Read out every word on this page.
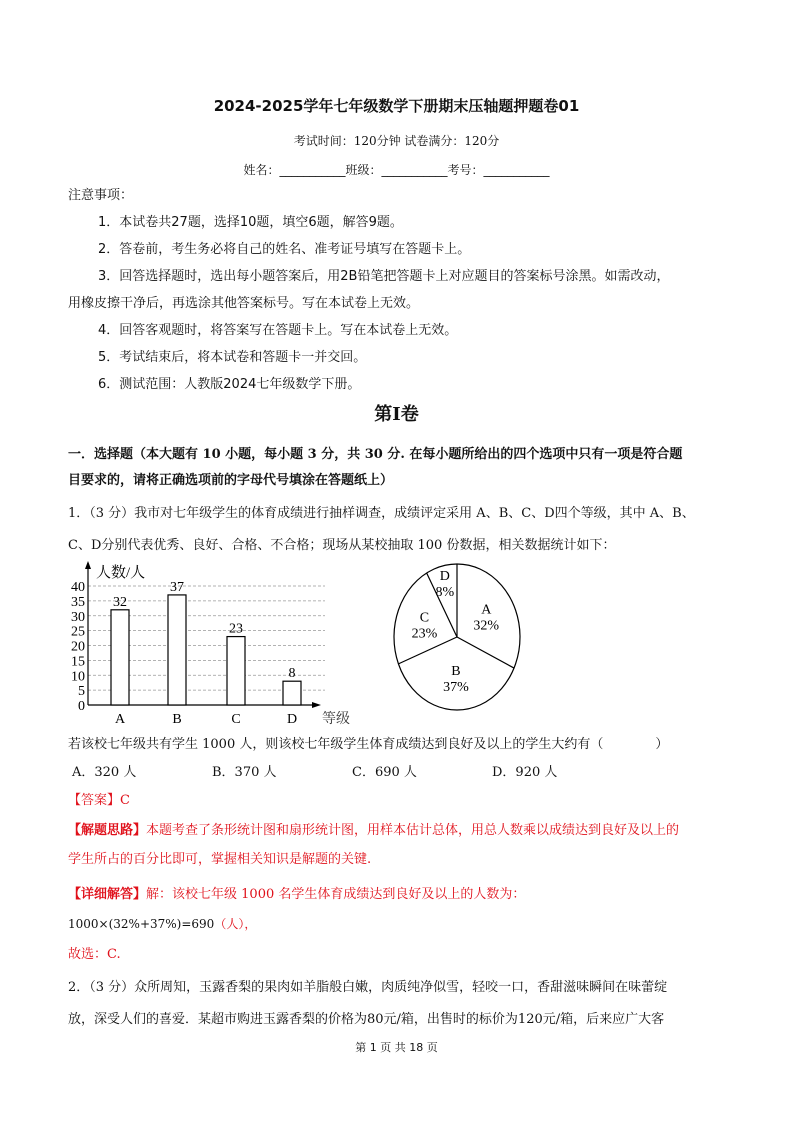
2024-2025学年七年级数学下册期末压轴题押题卷01
考试时间：120分钟 试卷满分：120分
姓名：___________班级：___________考号：___________
注意事项：
1．本试卷共27题，选择10题，填空6题，解答9题。
2．答卷前，考生务必将自己的姓名、准考证号填写在答题卡上。
3．回答选择题时，选出每小题答案后，用2B铅笔把答题卡上对应题目的答案标号涂黑。如需改动，
用橡皮擦干净后，再选涂其他答案标号。写在本试卷上无效。
4．回答客观题时，将答案写在答题卡上。写在本试卷上无效。
5．考试结束后，将本试卷和答题卡一并交回。
6．测试范围：人教版2024七年级数学下册。
第I卷
一．选择题（本大题有 10 小题，每小题 3 分，共 30 分. 在每小题所给出的四个选项中只有一项是符合题
目要求的，请将正确选项前的字母代号填涂在答题纸上）
1．（3 分）我市对七年级学生的体育成绩进行抽样调查，成绩评定采用 A、B、C、D四个等级，其中 A、B、
C、D分别代表优秀、良好、合格、不合格；现场从某校抽取 100 份数据，相关数据统计如下：
0
5
10
15
20
25
30
35
40
人数/人
等级
32
A
37
B
23
C
8
D
A
32%
B
37%
C
23%
D
8%
若该校七年级共有学生 1000 人，则该校七年级学生体育成绩达到良好及以上的学生大约有（　　　　）
A．320 人	B．370 人	C．690 人	D．920 人
【答案】C
【解题思路】本题考查了条形统计图和扇形统计图，用样本估计总体，用总人数乘以成绩达到良好及以上的
学生所占的百分比即可，掌握相关知识是解题的关键.
【详细解答】解：该校七年级 1000 名学生体育成绩达到良好及以上的人数为：
1000×(32%+37%)=690（人），
故选：C.
2．（3 分）众所周知，玉露香梨的果肉如羊脂般白嫩，肉质纯净似雪，轻咬一口，香甜滋味瞬间在味蕾绽
放，深受人们的喜爱．某超市购进玉露香梨的价格为80元/箱，出售时的标价为120元/箱，后来应广大客
第 1 页 共 18 页
